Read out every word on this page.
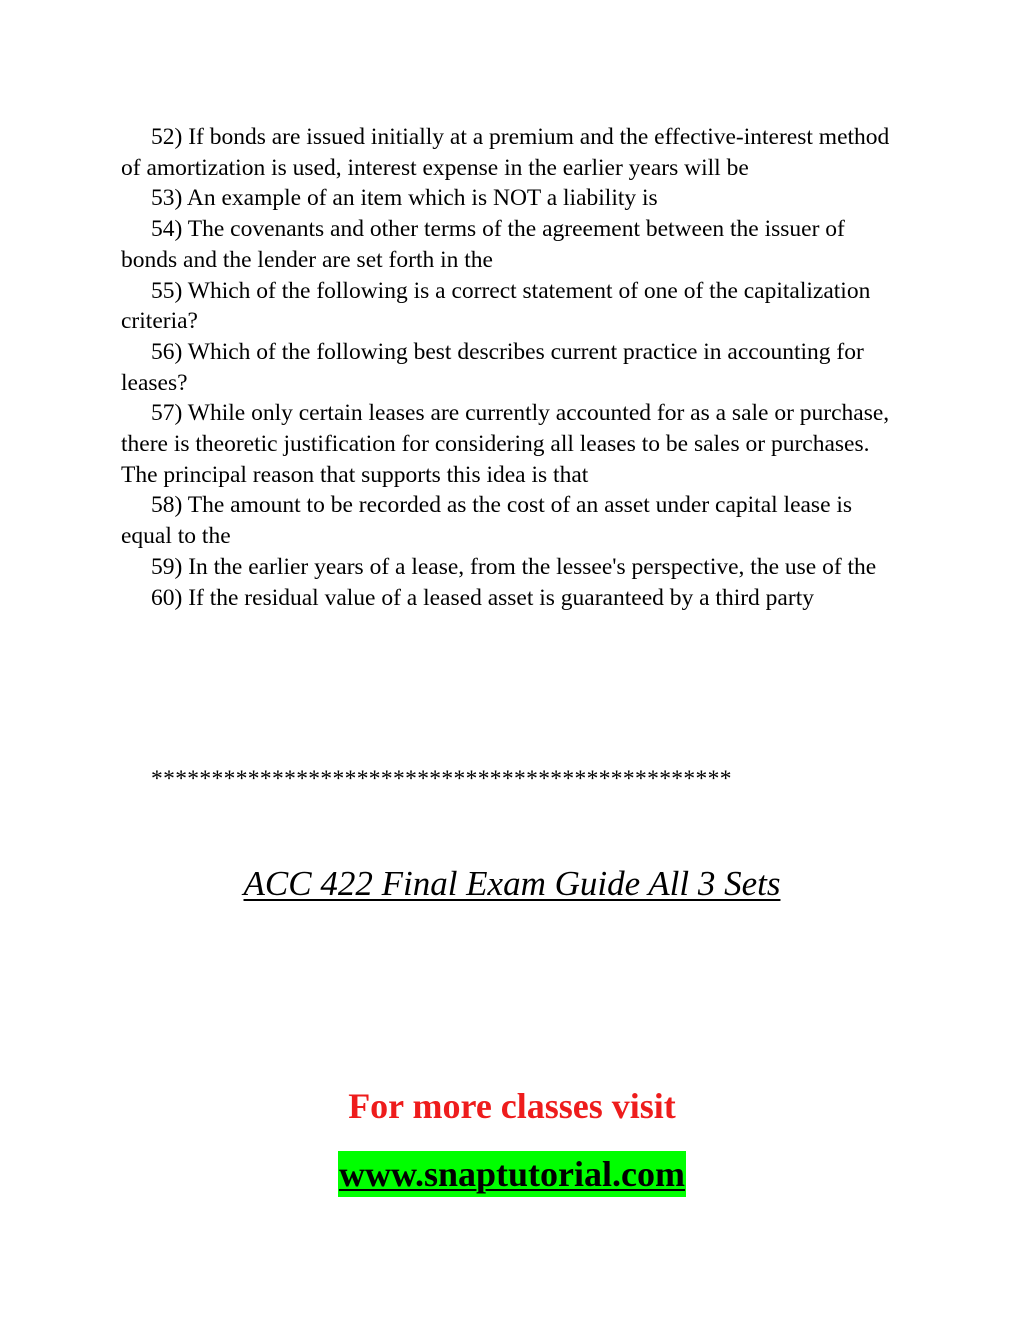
52) If bonds are issued initially at a premium and the effective-interest method of amortization is used, interest expense in the earlier years will be

53) An example of an item which is NOT a liability is

54) The covenants and other terms of the agreement between the issuer of bonds and the lender are set forth in the

55) Which of the following is a correct statement of one of the capitalization criteria?

56) Which of the following best describes current practice in accounting for leases?

57) While only certain leases are currently accounted for as a sale or purchase, there is theoretic justification for considering all leases to be sales or purchases. The principal reason that supports this idea is that

58) The amount to be recorded as the cost of an asset under capital lease is equal to the

59) In the earlier years of a lease, from the lessee's perspective, the use of the

60) If the residual value of a leased asset is guaranteed by a third party

************************************************
ACC 422 Final Exam Guide All 3 Sets
For more classes visit
www.snaptutorial.com
